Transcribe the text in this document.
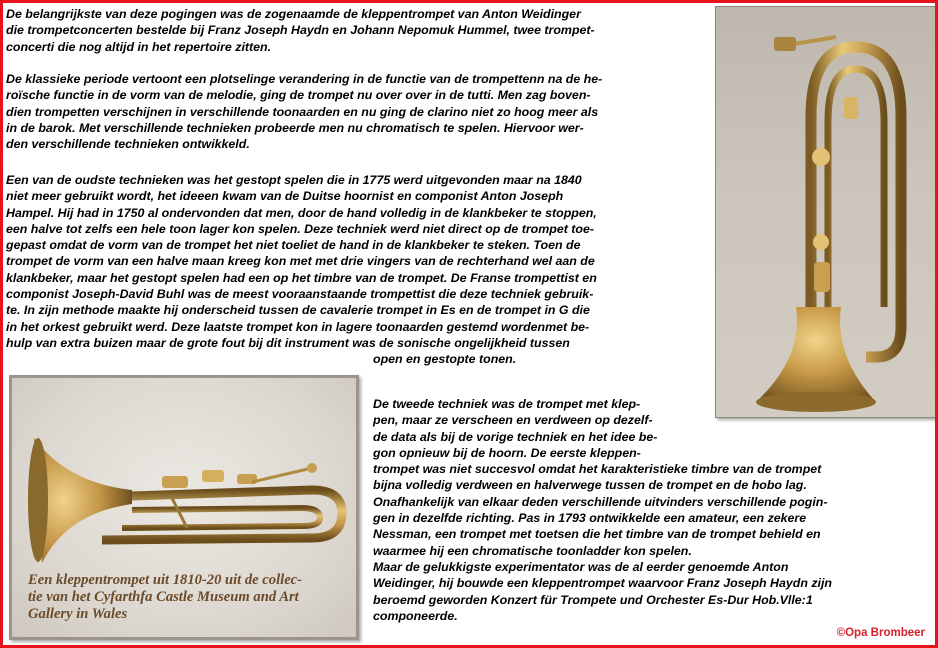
De belangrijkste van deze pogingen was de zogenaamde de kleppentrompet van Anton Weidinger
die trompetconcerten bestelde bij Franz Joseph Haydn en Johann Nepomuk Hummel, twee trompet-
concerti die nog altijd in het repertoire zitten.
De klassieke periode vertoont een plotselinge verandering in de functie van de trompettenn na de he-
roïsche functie in de vorm van de melodie, ging de trompet nu over over in de tutti. Men zag boven-
dien trompetten verschijnen in verschillende toonaarden en nu ging de clarino niet zo hoog meer als
in de barok. Met verschillende technieken probeerde men nu chromatisch te spelen. Hiervoor wer-
den verschillende technieken ontwikkeld.
Een van de oudste technieken was het gestopt spelen die in 1775 werd uitgevonden maar na 1840
niet meer gebruikt wordt, het ideeen kwam van de Duitse hoornist en componist Anton Joseph
Hampel. Hij had in 1750 al ondervonden dat men, door de hand volledig in de klankbeker te stoppen,
een halve tot zelfs een hele toon lager kon spelen. Deze techniek werd niet direct op de trompet toe-
gepast omdat de vorm van de trompet het niet toeliet de hand in de klankbeker te steken. Toen de
trompet de vorm van een halve maan kreeg kon met met drie vingers van de rechterhand wel aan de
klankbeker, maar het gestopt spelen had een op het timbre van de trompet. De Franse trompettist en
componist Joseph-David Buhl was de meest vooraanstaande trompettist die deze techniek gebruik-
te. In zijn methode maakte hij onderscheid tussen de cavalerie trompet in Es en de trompet in G die
in het orkest gebruikt werd. Deze laatste trompet kon in lagere toonaarden gestemd wordenmet be-
hulp van extra buizen maar de grote fout bij dit instrument was de sonische ongelijkheid tussen
open en gestopte tonen.
De tweede techniek was de trompet met klep-
pen, maar ze verscheen en verdween op dezelf-
de data als bij de vorige techniek en het idee be-
gon opnieuw bij de hoorn. De eerste kleppen-
trompet was niet succesvol omdat het karakteristieke timbre van de trompet
bijna volledig verdween en halverwege tussen de trompet en de hobo lag.
Onafhankelijk van elkaar deden verschillende uitvinders verschillende pogin-
gen in dezelfde richting. Pas in 1793 ontwikkelde een amateur, een zekere
Nessman, een trompet met toetsen die het timbre van de trompet behield en
waarmee hij een chromatische toonladder kon spelen.
Maar de gelukkigste experimentator was de al eerder genoemde Anton
Weidinger, hij bouwde een kleppentrompet waarvoor Franz Joseph Haydn zijn
beroemd geworden Konzert für Trompete und Orchester Es-Dur Hob.Vlle:1
componeerde.
Een kleppentrompet uit 1810-20 uit de collec-
tie van het Cyfarthfa Castle Museum and Art
Gallery in Wales
©Opa Brombeer
